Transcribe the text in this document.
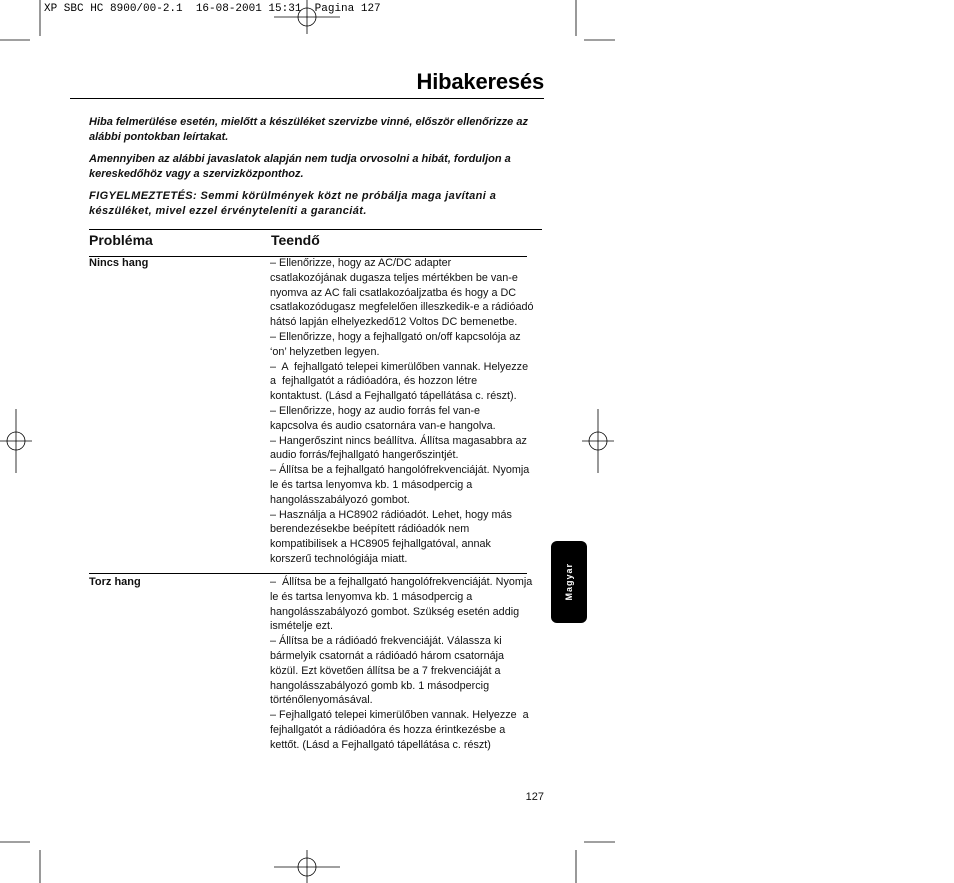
XP SBC HC 8900/00-2.1  16-08-2001 15:31  Pagina 127
Hibakeresés
Hiba felmerülése esetén, mielőtt a készüléket szervizbe vinné, először ellenőrizze az
alábbi pontokban leírtakat.
Amennyiben az alábbi javaslatok alapján nem tudja orvosolni a hibát, forduljon a
kereskedőhöz vagy a szervizközponthoz.
FIGYELMEZTETÉS: Semmi körülmények közt ne próbálja maga javítani a
készüléket, mivel ezzel érvényteleníti a garanciát.
Probléma	Teendő
Nincs hang	– Ellenőrizze, hogy az AC/DC adapter
csatlakozójának dugasza teljes mértékben be van-e
nyomva az AC fali csatlakozóaljzatba és hogy a DC
csatlakozódugasz megfelelően illeszkedik-e a rádióadó
hátsó lapján elhelyezkedő12 Voltos DC bemenetbe.
– Ellenőrizze, hogy a fejhallgató on/off kapcsolója az
‘on’ helyzetben legyen.
–  A  fejhallgató telepei kimerülőben vannak. Helyezze
a  fejhallgatót a rádióadóra, és hozzon létre
kontaktust. (Lásd a Fejhallgató tápellátása c. részt).
– Ellenőrizze, hogy az audio forrás fel van-e
kapcsolva és audio csatornára van-e hangolva.
– Hangerőszint nincs beállítva. Állítsa magasabbra az
audio forrás/fejhallgató hangerőszintjét.
– Állítsa be a fejhallgató hangolófrekvenciáját. Nyomja
le és tartsa lenyomva kb. 1 másodpercig a
hangolásszabályozó gombot.
– Használja a HC8902 rádióadót. Lehet, hogy más
berendezésekbe beépített rádióadók nem
kompatibilisek a HC8905 fejhallgatóval, annak
korszerű technológiája miatt.
Torz hang	–  Állítsa be a fejhallgató hangolófrekvenciáját. Nyomja
le és tartsa lenyomva kb. 1 másodpercig a
hangolásszabályozó gombot. Szükség esetén addig
ismételje ezt.
– Állítsa be a rádióadó frekvenciáját. Válassza ki
bármelyik csatornát a rádióadó három csatornája
közül. Ezt követően állítsa be a 7 frekvenciáját a
hangolásszabályozó gomb kb. 1 másodpercig
történőlenyomásával.
– Fejhallgató telepei kimerülőben vannak. Helyezze  a
fejhallgatót a rádióadóra és hozza érintkezésbe a
kettőt. (Lásd a Fejhallgató tápellátása c. részt)
127
Magyar
